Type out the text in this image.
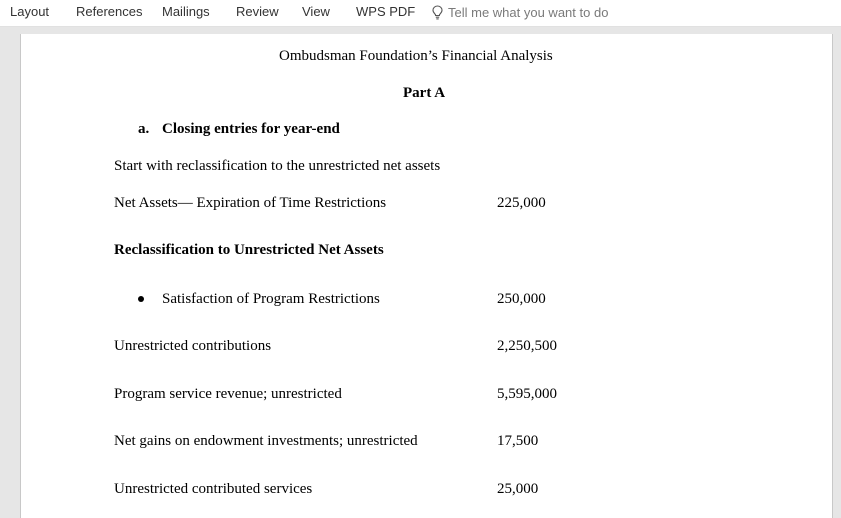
Layout References Mailings Review View WPS PDF	Tell me what you want to do
Ombudsman Foundation’s Financial Analysis
Part A
a. Closing entries for year-end
Start with reclassification to the unrestricted net assets
Net Assets— Expiration of Time Restrictions	225,000
Reclassification to Unrestricted Net Assets
Satisfaction of Program Restrictions	250,000
Unrestricted contributions	2,250,500
Program service revenue; unrestricted	5,595,000
Net gains on endowment investments; unrestricted	17,500
Unrestricted contributed services	25,000
